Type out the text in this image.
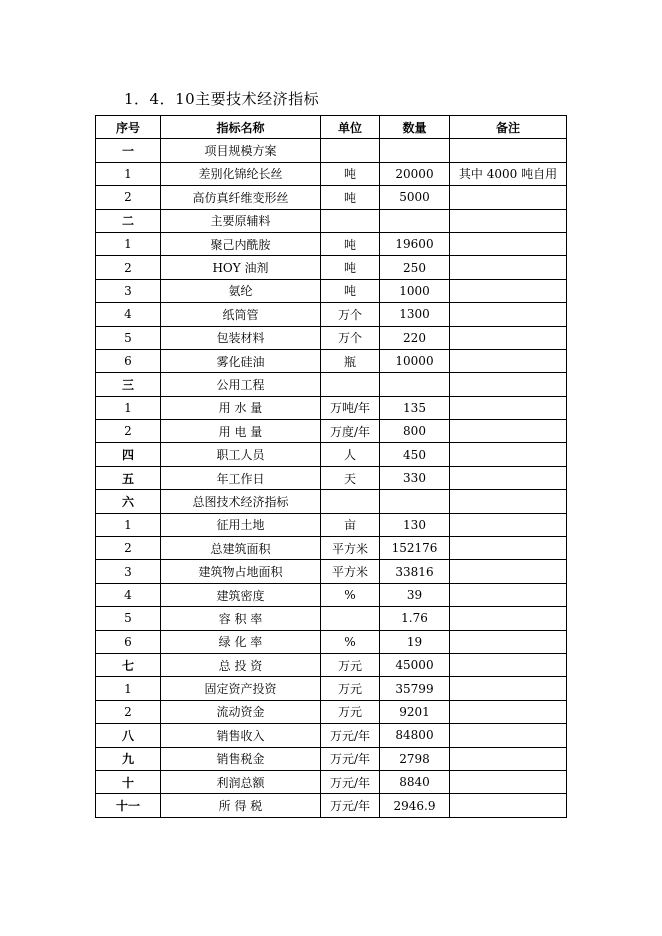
1．4．10主要技术经济指标
序号	指标名称	单位	数量	备注
一	项目规模方案			
1	差别化锦纶长丝	吨	20000	其中 4000 吨自用
2	高仿真纤维变形丝	吨	5000	
二	主要原辅料			
1	聚己内酰胺	吨	19600	
2	HOY 油剂	吨	250	
3	氨纶	吨	1000	
4	纸筒管	万个	1300	
5	包装材料	万个	220	
6	雾化硅油	瓶	10000	
三	公用工程			
1	用 水 量	万吨/年	135	
2	用 电 量	万度/年	800	
四	职工人员	人	450	
五	年工作日	天	330	
六	总图技术经济指标			
1	征用土地	亩	130	
2	总建筑面积	平方米	152176	
3	建筑物占地面积	平方米	33816	
4	建筑密度	%	39	
5	容 积 率		1.76	
6	绿 化 率	%	19	
七	总 投 资	万元	45000	
1	固定资产投资	万元	35799	
2	流动资金	万元	9201	
八	销售收入	万元/年	84800	
九	销售税金	万元/年	2798	
十	利润总额	万元/年	8840	
十一	所 得 税	万元/年	2946.9	
